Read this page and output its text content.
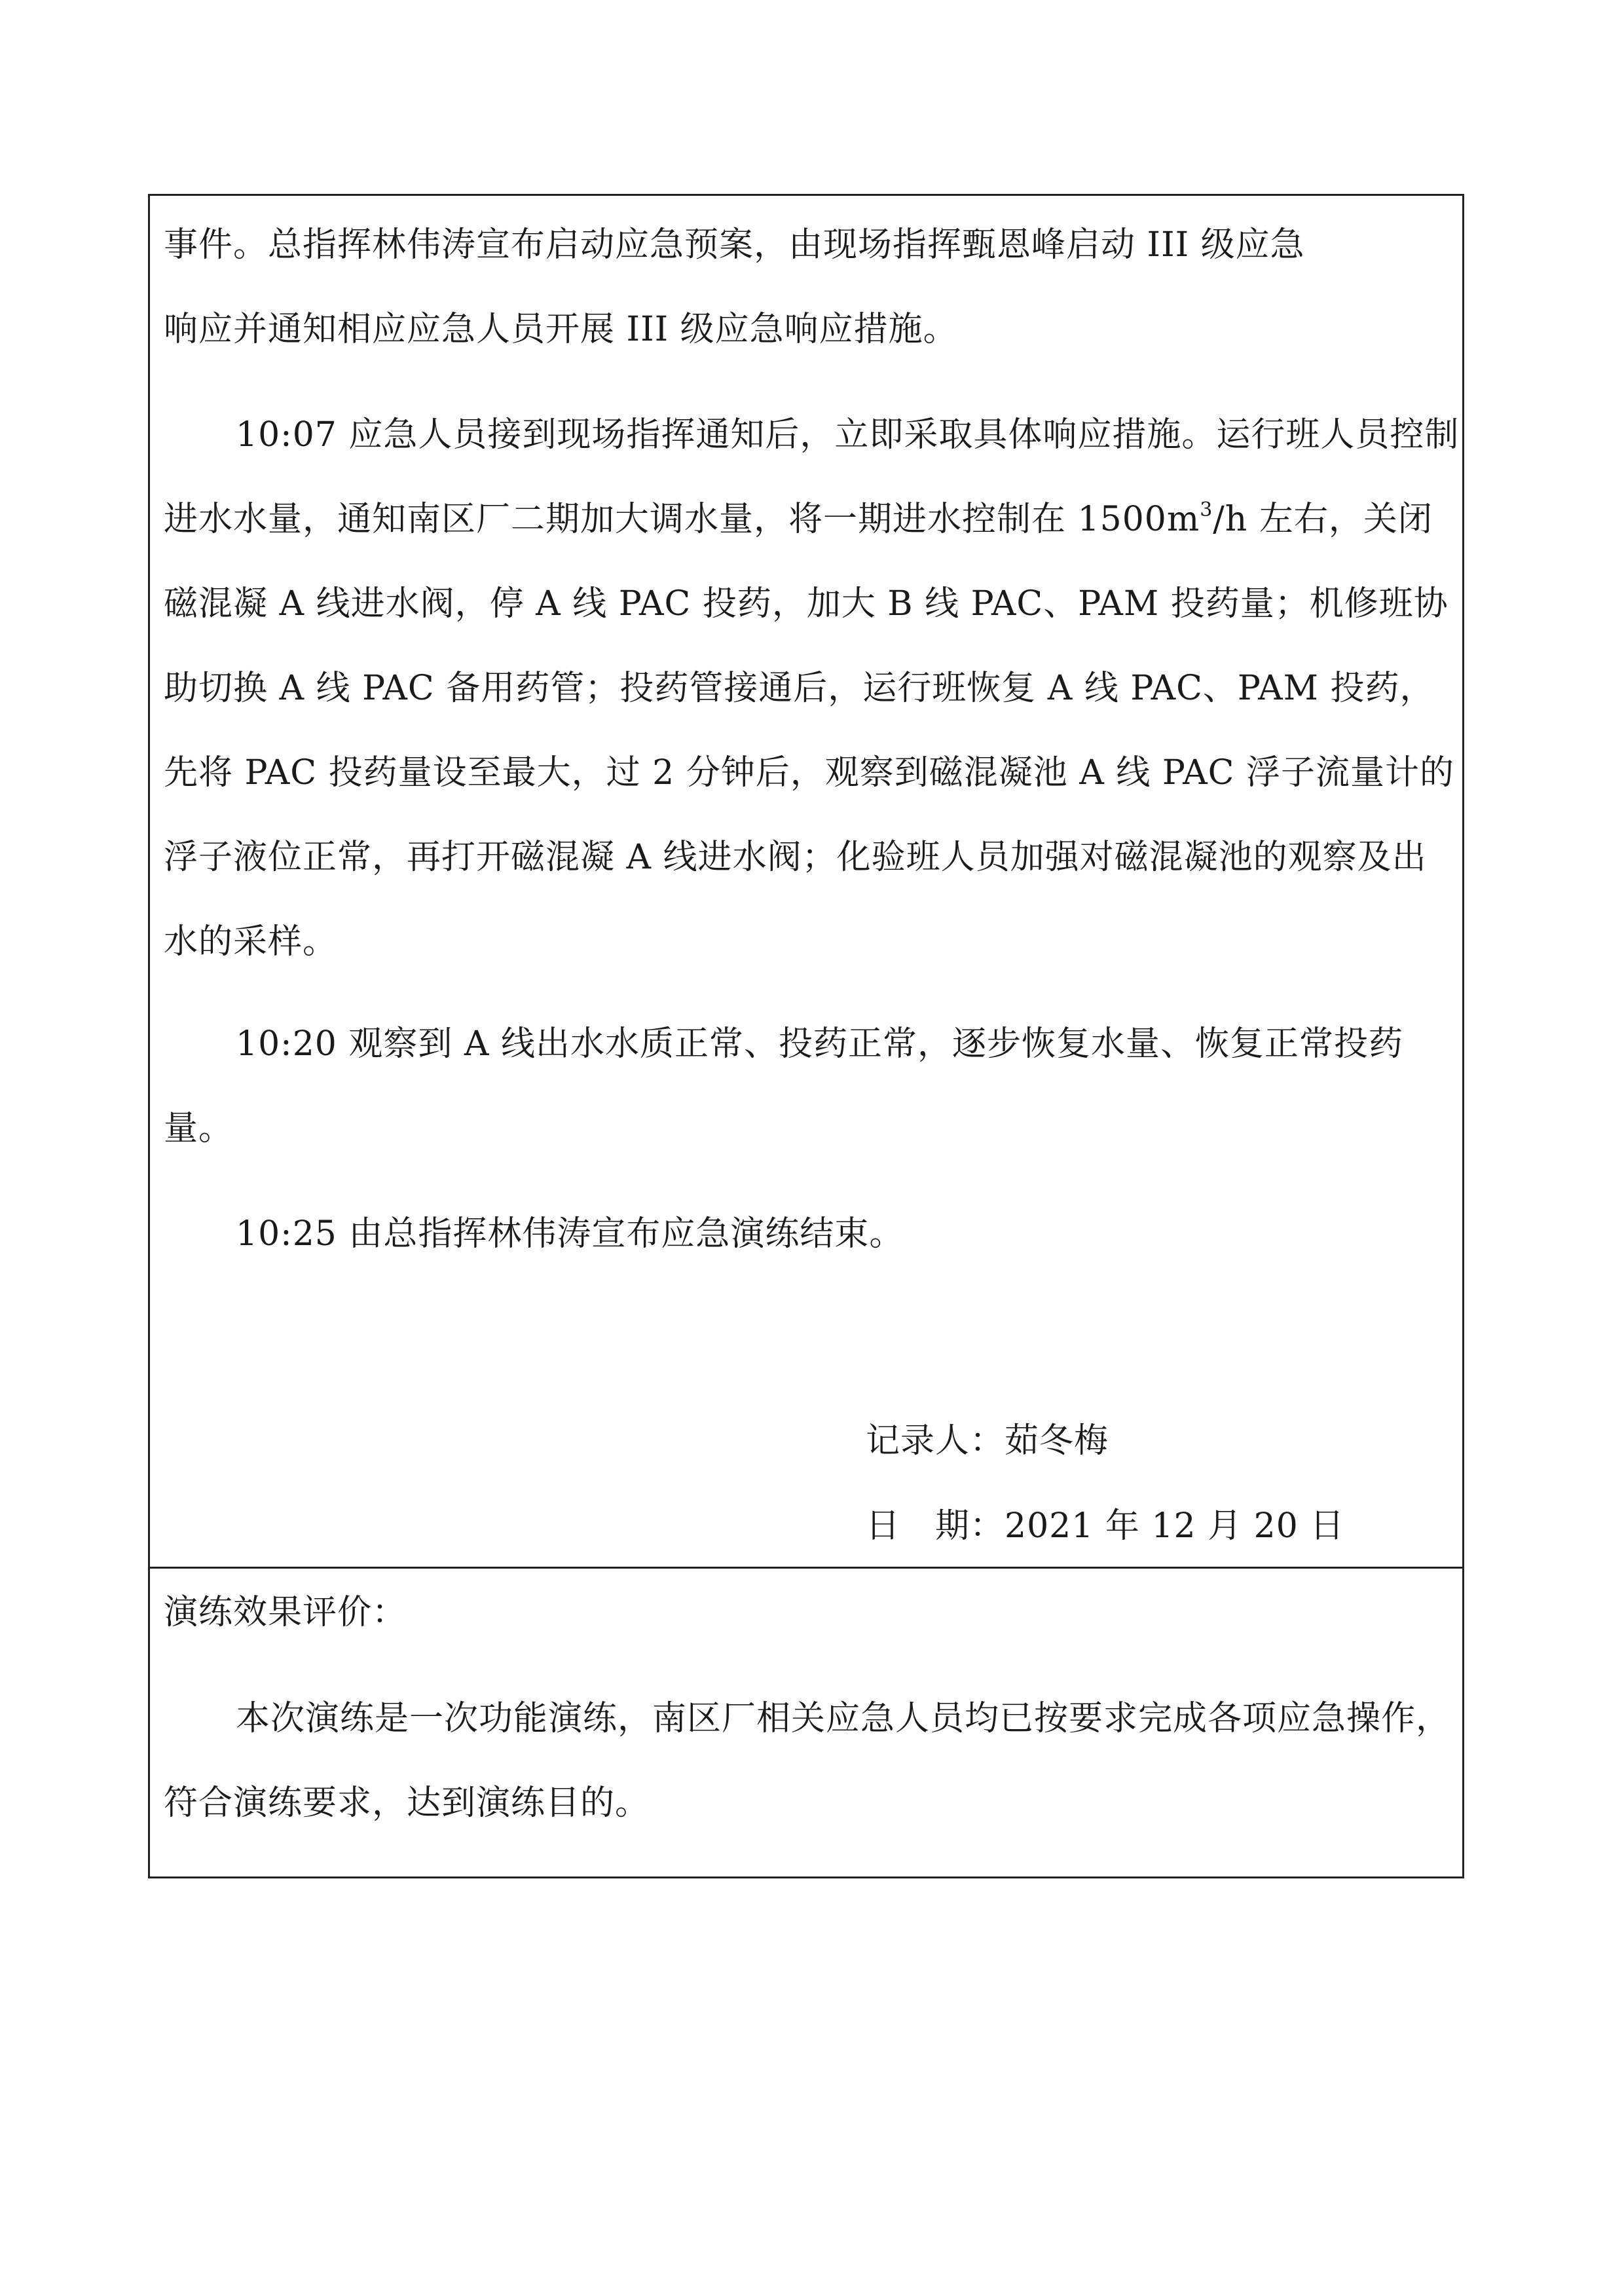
事件。总指挥林伟涛宣布启动应急预案，由现场指挥甄恩峰启动 III 级应急
响应并通知相应应急人员开展 III 级应急响应措施。

10:07 应急人员接到现场指挥通知后，立即采取具体响应措施。运行班人员控制进水水量，通知南区厂二期加大调水量，将一期进水控制在 $1500m^3/h$ 左右，关闭磁混凝 A 线进水阀，停 A 线 PAC 投药，加大 B 线 PAC、PAM 投药量；机修班协助切换 A 线 PAC 备用药管；投药管接通后，运行班恢复 A 线 PAC、PAM 投药，先将 PAC 投药量设至最大，过 2 分钟后，观察到磁混凝池 A 线 PAC 浮子流量计的浮子液位正常，再打开磁混凝 A 线进水阀；化验班人员加强对磁混凝池的观察及出水的采样。

10:20 观察到 A 线出水水质正常、投药正常，逐步恢复水量、恢复正常投药量。

10:25 由总指挥林伟涛宣布应急演练结束。

记录人：茹冬梅
日　期：2021 年 12 月 20 日

演练效果评价：

本次演练是一次功能演练，南区厂相关应急人员均已按要求完成各项应急操作，符合演练要求，达到演练目的。
